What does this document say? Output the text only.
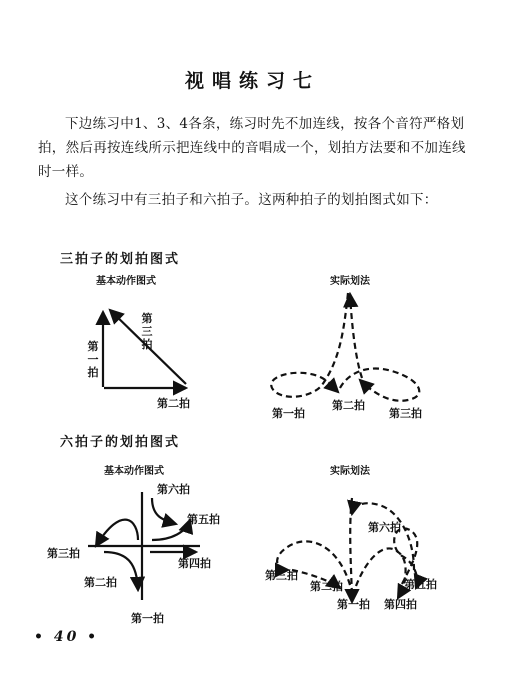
视唱练习七
下边练习中1、3、4各条，练习时先不加连线，按各个音符严格划拍，然后再按连线所示把连线中的音唱成一个，划拍方法要和不加连线时一样。
这个练习中有三拍子和六拍子。这两种拍子的划拍图式如下：
三拍子的划拍图式
基本动作图式	实际划法
第一拍
第二拍
第三拍
第一拍
第二拍
第三拍
六拍子的划拍图式
基本动作图式	实际划法
第一拍
第二拍
第三拍
第四拍
第五拍
第六拍
第一拍
第二拍
第三拍
第四拍
第五拍
第六拍
• 40 •
